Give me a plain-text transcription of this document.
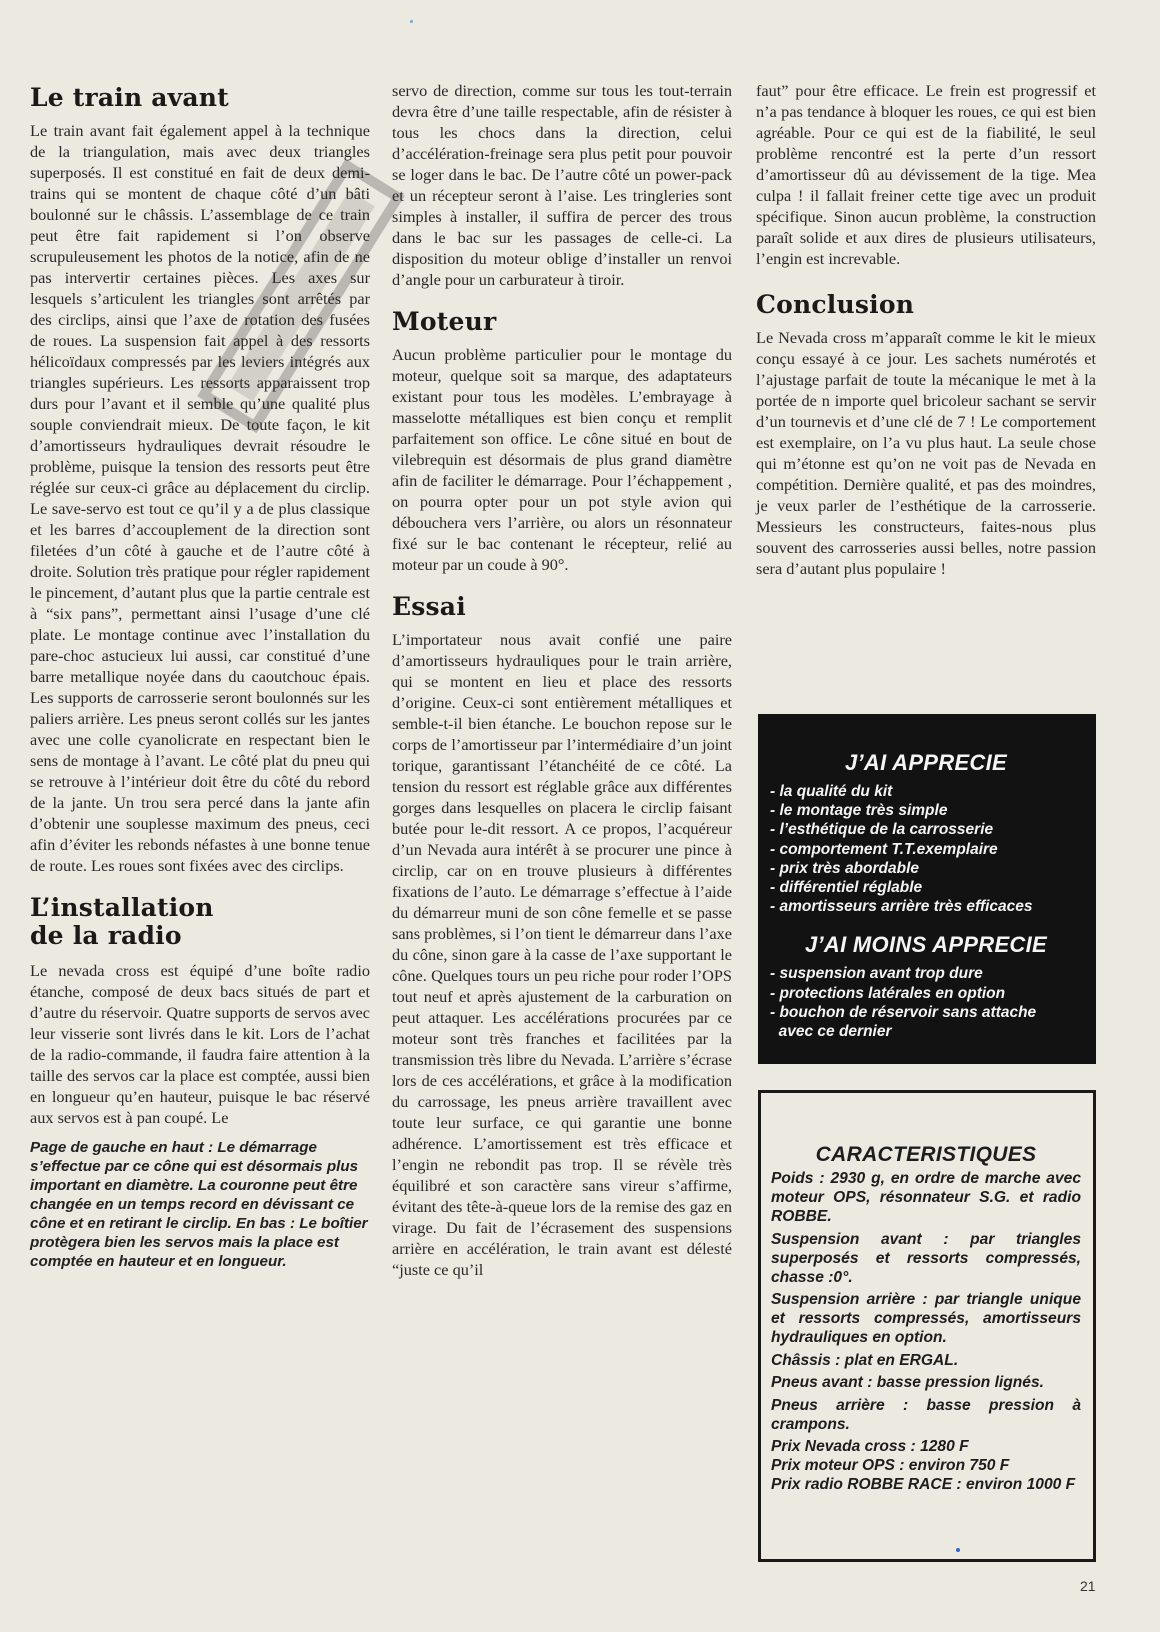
Le train avant

Le train avant fait également appel à la technique de la triangulation, mais avec deux triangles superposés. Il est constitué en fait de deux demi-trains qui se montent de chaque côté d’un bâti boulonné sur le châssis. L’assemblage de ce train peut être fait rapidement si l’on observe scrupuleusement les photos de la notice, afin de ne pas intervertir certaines pièces. Les axes sur lesquels s’articulent les triangles sont arrêtés par des circlips, ainsi que l’axe de rotation des fusées de roues. La suspension fait appel à des ressorts hélicoïdaux compressés par les leviers intégrés aux triangles supérieurs. Les ressorts apparaissent trop durs pour l’avant et il semble qu’une qualité plus souple conviendrait mieux. De toute façon, le kit d’amortisseurs hydrauliques devrait résoudre le problème, puisque la tension des ressorts peut être réglée sur ceux-ci grâce au déplacement du circlip. Le save-servo est tout ce qu’il y a de plus classique et les barres d’accouplement de la direction sont filetées d’un côté à gauche et de l’autre côté à droite. Solution très pratique pour régler rapidement le pincement, d’autant plus que la partie centrale est à “six pans”, permettant ainsi l’usage d’une clé plate. Le montage continue avec l’installation du pare-choc astucieux lui aussi, car constitué d’une barre metallique noyée dans du caoutchouc épais. Les supports de carrosserie seront boulonnés sur les paliers arrière. Les pneus seront collés sur les jantes avec une colle cyanolicrate en respectant bien le sens de montage à l’avant. Le côté plat du pneu qui se retrouve à l’intérieur doit être du côté du rebord de la jante. Un trou sera percé dans la jante afin d’obtenir une souplesse maximum des pneus, ceci afin d’éviter les rebonds néfastes à une bonne tenue de route. Les roues sont fixées avec des circlips.

L’installation
de la radio

Le nevada cross est équipé d’une boîte radio étanche, composé de deux bacs situés de part et d’autre du réservoir. Quatre supports de servos avec leur visserie sont livrés dans le kit. Lors de l’achat de la radio-commande, il faudra faire attention à la taille des servos car la place est comptée, aussi bien en longueur qu’en hauteur, puisque le bac réservé aux servos est à pan coupé. Le

Page de gauche en haut : Le démarrage s’effectue par ce cône qui est désormais plus important en diamètre. La couronne peut être changée en un temps record en dévissant ce cône et en retirant le circlip. En bas : Le boîtier protègera bien les servos mais la place est comptée en hauteur et en longueur.

servo de direction, comme sur tous les tout-terrain devra être d’une taille respectable, afin de résister à tous les chocs dans la direction, celui d’accélération-freinage sera plus petit pour pouvoir se loger dans le bac. De l’autre côté un power-pack et un récepteur seront à l’aise. Les tringleries sont simples à installer, il suffira de percer des trous dans le bac sur les passages de celle-ci. La disposition du moteur oblige d’installer un renvoi d’angle pour un carburateur à tiroir.

Moteur

Aucun problème particulier pour le montage du moteur, quelque soit sa marque, des adaptateurs existant pour tous les modèles. L’embrayage à masselotte métalliques est bien conçu et remplit parfaitement son office. Le cône situé en bout de vilebrequin est désormais de plus grand diamètre afin de faciliter le démarrage. Pour l’échappement , on pourra opter pour un pot style avion qui débouchera vers l’arrière, ou alors un résonnateur fixé sur le bac contenant le récepteur, relié au moteur par un coude à 90°.

Essai

L’importateur nous avait confié une paire d’amortisseurs hydrauliques pour le train arrière, qui se montent en lieu et place des ressorts d’origine. Ceux-ci sont entièrement métalliques et semble-t-il bien étanche. Le bouchon repose sur le corps de l’amortisseur par l’intermédiaire d’un joint torique, garantissant l’étanchéité de ce côté. La tension du ressort est réglable grâce aux différentes gorges dans lesquelles on placera le circlip faisant butée pour le-dit ressort. A ce propos, l’acquéreur d’un Nevada aura intérêt à se procurer une pince à circlip, car on en trouve plusieurs à différentes fixations de l’auto. Le démarrage s’effectue à l’aide du démarreur muni de son cône femelle et se passe sans problèmes, si l’on tient le démarreur dans l’axe du cône, sinon gare à la casse de l’axe supportant le cône. Quelques tours un peu riche pour roder l’OPS tout neuf et après ajustement de la carburation on peut attaquer. Les accélérations procurées par ce moteur sont très franches et facilitées par la transmission très libre du Nevada. L’arrière s’écrase lors de ces accélérations, et grâce à la modification du carrossage, les pneus arrière travaillent avec toute leur surface, ce qui garantie une bonne adhérence. L’amortissement est très efficace et l’engin ne rebondit pas trop. Il se révèle très équilibré et son caractère sans vireur s’affirme, évitant des tête-à-queue lors de la remise des gaz en virage. Du fait de l’écrasement des suspensions arrière en accélération, le train avant est délesté “juste ce qu’il

faut” pour être efficace. Le frein est progressif et n’a pas tendance à bloquer les roues, ce qui est bien agréable. Pour ce qui est de la fiabilité, le seul problème rencontré est la perte d’un ressort d’amortisseur dû au dévissement de la tige. Mea culpa ! il fallait freiner cette tige avec un produit spécifique. Sinon aucun problème, la construction paraît solide et aux dires de plusieurs utilisateurs, l’engin est increvable.

Conclusion

Le Nevada cross m’apparaît comme le kit le mieux conçu essayé à ce jour. Les sachets numérotés et l’ajustage parfait de toute la mécanique le met à la portée de n importe quel bricoleur sachant se servir d’un tournevis et d’une clé de 7 ! Le comportement est exemplaire, on l’a vu plus haut. La seule chose qui m’étonne est qu’on ne voit pas de Nevada en compétition. Dernière qualité, et pas des moindres, je veux parler de l’esthétique de la carrosserie. Messieurs les constructeurs, faites-nous plus souvent des carrosseries aussi belles, notre passion sera d’autant plus populaire !

J’AI APPRECIE
- la qualité du kit
- le montage très simple
- l’esthétique de la carrosserie
- comportement T.T.exemplaire
- prix très abordable
- différentiel réglable
- amortisseurs arrière très efficaces
J’AI MOINS APPRECIE
- suspension avant trop dure
- protections latérales en option
- bouchon de réservoir sans attache
avec ce dernier
CARACTERISTIQUES
Poids : 2930 g, en ordre de marche avec moteur OPS, résonnateur S.G. et radio ROBBE.
Suspension avant : par triangles superposés et ressorts compressés, chasse :0°.
Suspension arrière : par triangle unique et ressorts compressés, amortisseurs hydrauliques en option.
Châssis : plat en ERGAL.
Pneus avant : basse pression lignés.
Pneus arrière : basse pression à crampons.
Prix Nevada cross : 1280 F
Prix moteur OPS : environ 750 F
Prix radio ROBBE RACE : environ 1000 F
21
